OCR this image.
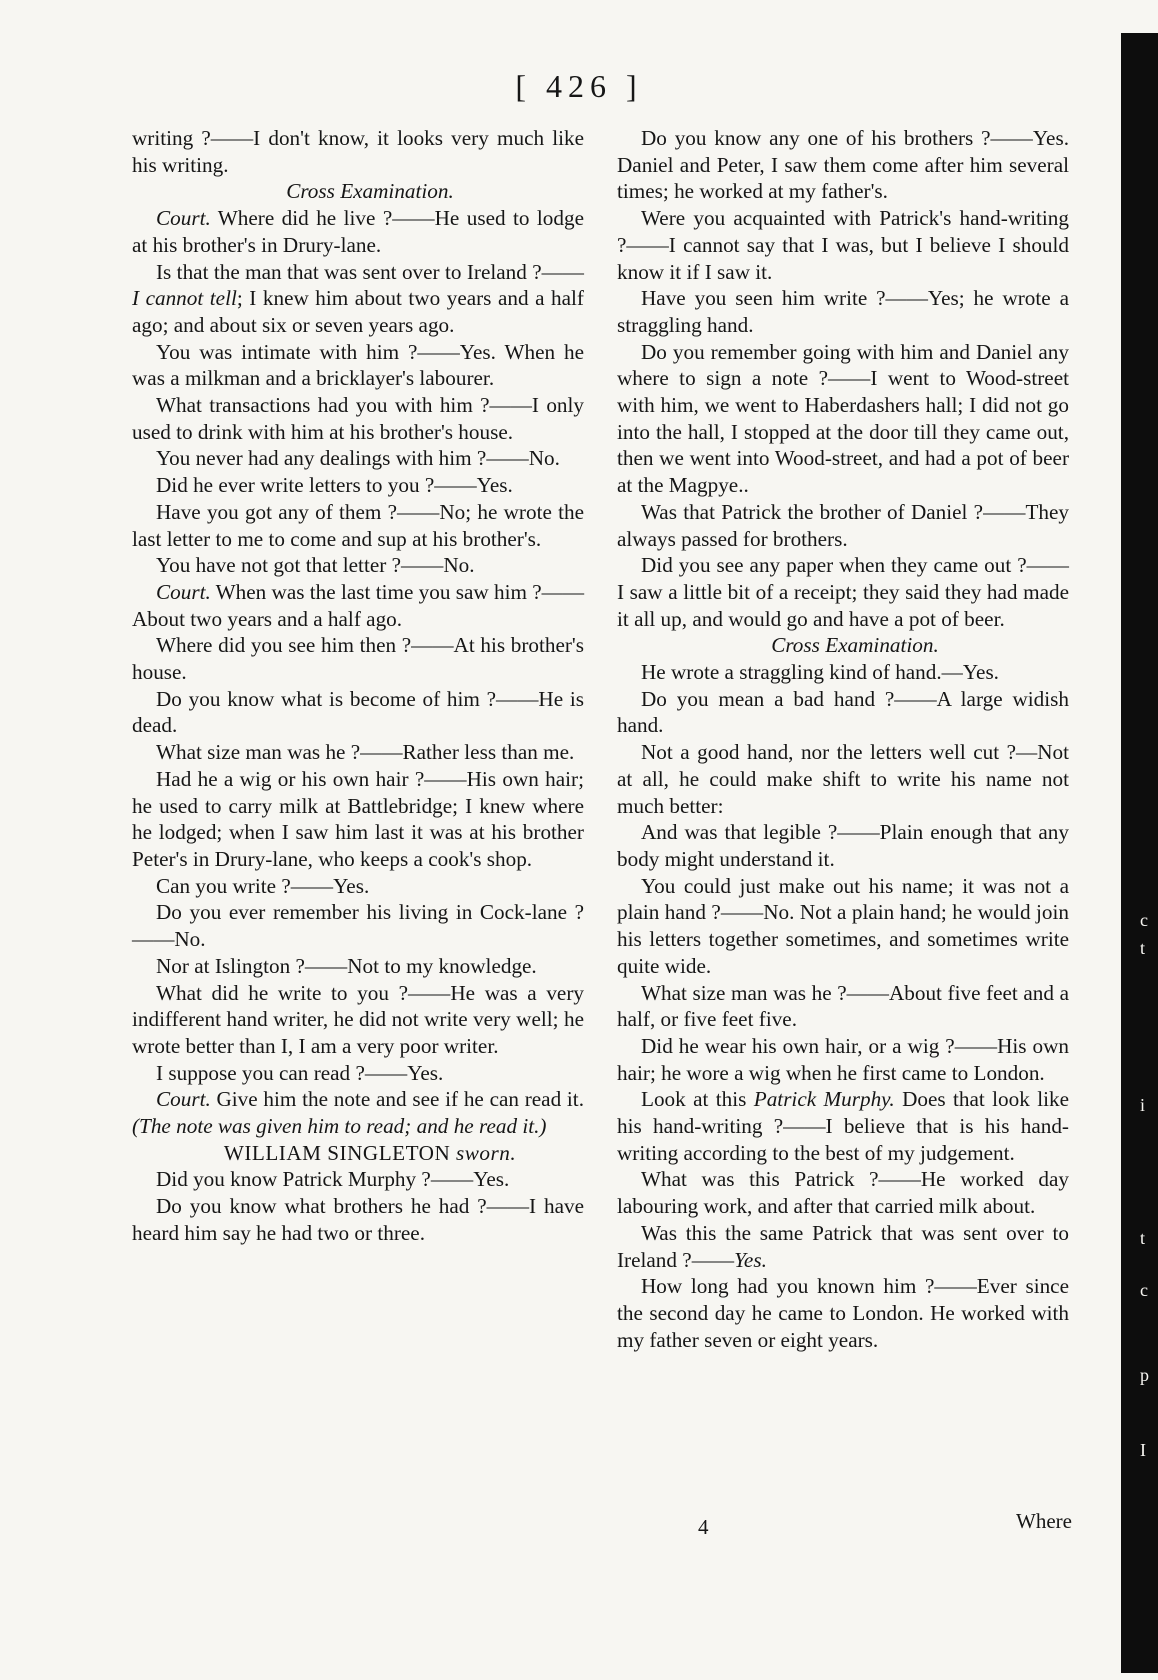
[ 426 ]

writing ?——I don't know, it looks very much like his writing.

Cross Examination.

Court. Where did he live ?——He used to lodge at his brother's in Drury-lane.

Is that the man that was sent over to Ireland ?——I cannot tell; I knew him about two years and a half ago; and about six or seven years ago.

You was intimate with him ?——Yes. When he was a milkman and a bricklayer's labourer.

What transactions had you with him ?——I only used to drink with him at his brother's house.

You never had any dealings with him ?——No.

Did he ever write letters to you ?——Yes.

Have you got any of them ?——No; he wrote the last letter to me to come and sup at his brother's.

You have not got that letter ?——No.

Court. When was the last time you saw him ?——About two years and a half ago.

Where did you see him then ?——At his brother's house.

Do you know what is become of him ?——He is dead.

What size man was he ?——Rather less than me.

Had he a wig or his own hair ?——His own hair; he used to carry milk at Battlebridge; I knew where he lodged; when I saw him last it was at his brother Peter's in Drury-lane, who keeps a cook's shop.

Can you write ?——Yes.

Do you ever remember his living in Cock-lane ?——No.

Nor at Islington ?——Not to my knowledge.

What did he write to you ?——He was a very indifferent hand writer, he did not write very well; he wrote better than I, I am a very poor writer.

I suppose you can read ?——Yes.

Court. Give him the note and see if he can read it. (The note was given him to read; and he read it.)

WILLIAM SINGLETON sworn.

Did you know Patrick Murphy ?——Yes.

Do you know what brothers he had ?——I have heard him say he had two or three.

Do you know any one of his brothers ?——Yes. Daniel and Peter, I saw them come after him several times; he worked at my father's.

Were you acquainted with Patrick's hand-writing ?——I cannot say that I was, but I believe I should know it if I saw it.

Have you seen him write ?——Yes; he wrote a straggling hand.

Do you remember going with him and Daniel any where to sign a note ?——I went to Wood-street with him, we went to Haberdashers hall; I did not go into the hall, I stopped at the door till they came out, then we went into Wood-street, and had a pot of beer at the Magpye..

Was that Patrick the brother of Daniel ?——They always passed for brothers.

Did you see any paper when they came out ?——I saw a little bit of a receipt; they said they had made it all up, and would go and have a pot of beer.

Cross Examination.

He wrote a straggling kind of hand.—Yes.

Do you mean a bad hand ?——A large widish hand.

Not a good hand, nor the letters well cut ?—Not at all, he could make shift to write his name not much better:

And was that legible ?——Plain enough that any body might understand it.

You could just make out his name; it was not a plain hand ?——No. Not a plain hand; he would join his letters together sometimes, and sometimes write quite wide.

What size man was he ?——About five feet and a half, or five feet five.

Did he wear his own hair, or a wig ?——His own hair; he wore a wig when he first came to London.

Look at this Patrick Murphy. Does that look like his hand-writing ?——I believe that is his hand-writing according to the best of my judgement.

What was this Patrick ?——He worked day labouring work, and after that carried milk about.

Was this the same Patrick that was sent over to Ireland ?——Yes.

How long had you known him ?——Ever since the second day he came to London. He worked with my father seven or eight years.

4	Where
c
t
i
t
c
p
I
